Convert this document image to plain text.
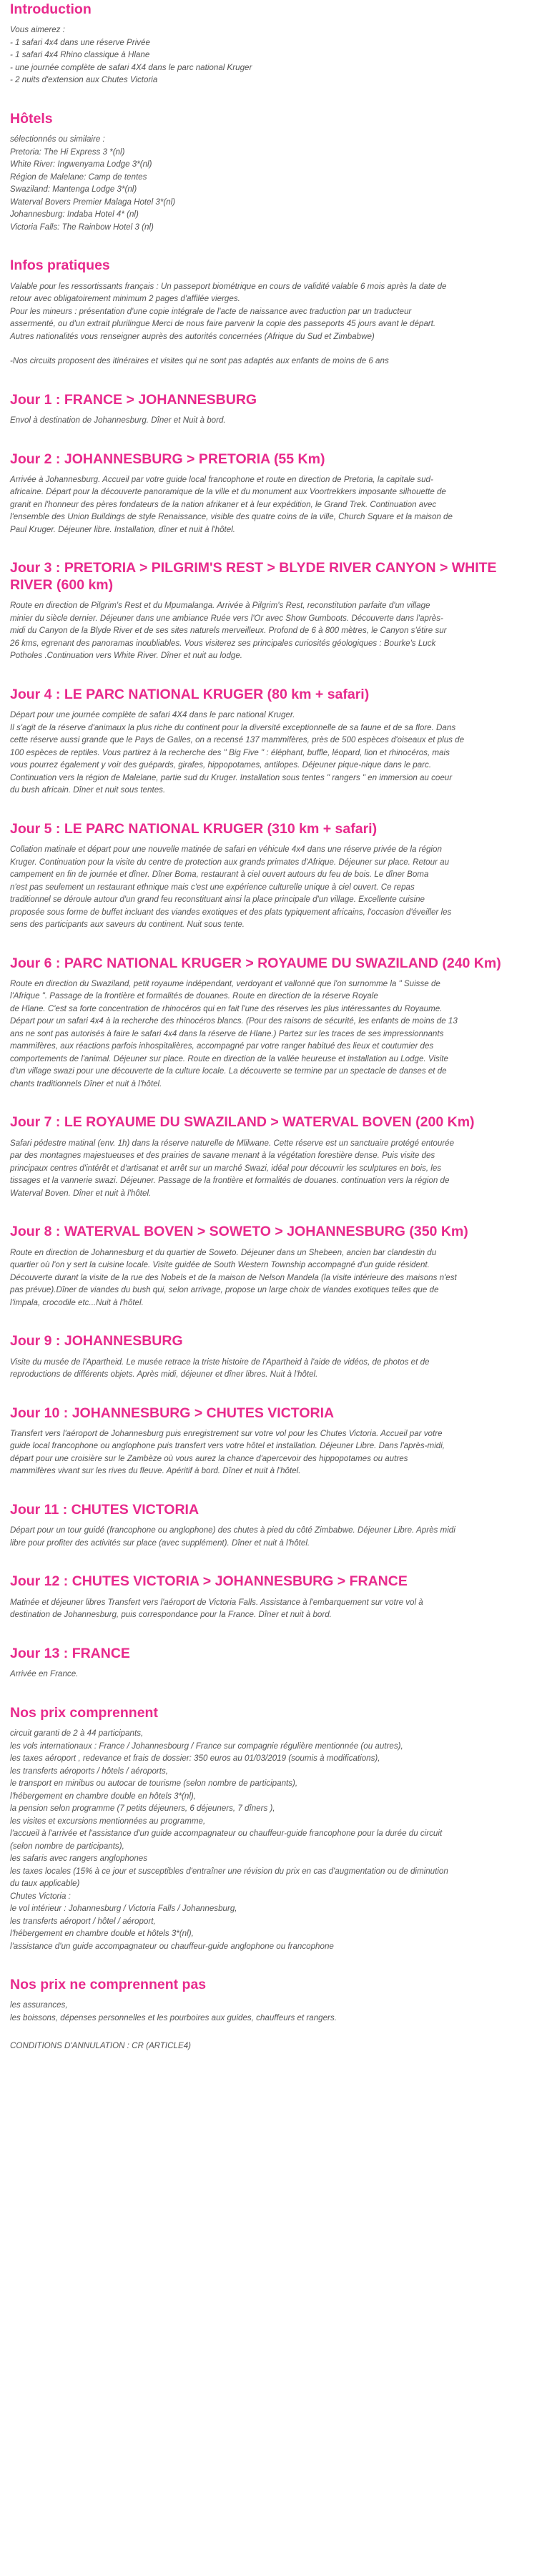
Introduction
Vous aimerez :
- 1 safari 4x4 dans une réserve Privée
- 1 safari 4x4 Rhino classique à Hlane
- une journée complète de safari 4X4 dans le parc national Kruger
- 2 nuits d'extension aux Chutes Victoria
Hôtels
sélectionnés ou similaire :
Pretoria: The Hi Express 3 *(nl)
White River: Ingwenyama Lodge 3*(nl)
Région de Malelane: Camp de tentes
Swaziland: Mantenga Lodge 3*(nl)
Waterval Bovers Premier Malaga Hotel 3*(nl)
Johannesburg: Indaba Hotel 4* (nl)
Victoria Falls: The Rainbow Hotel 3 (nl)
Infos pratiques
Valable pour les ressortissants français : Un passeport biométrique en cours de validité valable 6 mois après la date de
retour avec obligatoirement minimum 2 pages d'affilée vierges.
Pour les mineurs : présentation d'une copie intégrale de l'acte de naissance avec traduction par un traducteur
assermenté, ou d'un extrait plurilingue Merci de nous faire parvenir la copie des passeports 45 jours avant le départ.
Autres nationalités vous renseigner auprès des autorités concernées (Afrique du Sud et Zimbabwe)
-Nos circuits proposent des itinéraires et visites qui ne sont pas adaptés aux enfants de moins de 6 ans
Jour 1 : FRANCE > JOHANNESBURG
Envol à destination de Johannesburg. Dîner et Nuit à bord.
Jour 2 : JOHANNESBURG > PRETORIA (55 Km)
Arrivée à Johannesburg. Accueil par votre guide local francophone et route en direction de Pretoria, la capitale sud-
africaine. Départ pour la découverte panoramique de la ville et du monument aux Voortrekkers imposante silhouette de
granit en l'honneur des pères fondateurs de la nation afrikaner et à leur expédition, le Grand Trek. Continuation avec
l'ensemble des Union Buildings de style Renaissance, visible des quatre coins de la ville, Church Square et la maison de
Paul Kruger. Déjeuner libre. Installation, dîner et nuit à l'hôtel.
Jour 3 : PRETORIA > PILGRIM'S REST > BLYDE RIVER CANYON > WHITE RIVER (600 km)
Route en direction de Pilgrim's Rest et du Mpumalanga. Arrivée à Pilgrim's Rest, reconstitution parfaite d'un village
minier du siècle dernier. Déjeuner dans une ambiance Ruée vers l'Or avec Show Gumboots. Découverte dans l'après-
midi du Canyon de la Blyde River et de ses sites naturels merveilleux. Profond de 6 à 800 mètres, le Canyon s'étire sur
26 kms, egrenant des panoramas inoubliables. Vous visiterez ses principales curiosités géologiques : Bourke's Luck
Potholes .Continuation vers White River. Dîner et nuit au lodge.
Jour 4 : LE PARC NATIONAL KRUGER (80 km + safari)
Départ pour une journée complète de safari 4X4 dans le parc national Kruger.
Il s'agit de la réserve d'animaux la plus riche du continent pour la diversité exceptionnelle de sa faune et de sa flore. Dans
cette réserve aussi grande que le Pays de Galles, on a recensé 137 mammifères, près de 500 espèces d'oiseaux et plus de
100 espèces de reptiles. Vous partirez à la recherche des " Big Five " : éléphant, buffle, léopard, lion et rhinocéros, mais
vous pourrez également y voir des guépards, girafes, hippopotames, antilopes. Déjeuner pique-nique dans le parc.
Continuation vers la région de Malelane, partie sud du Kruger. Installation sous tentes " rangers " en immersion au coeur
du bush africain. Dîner et nuit sous tentes.
Jour 5 : LE PARC NATIONAL KRUGER (310 km + safari)
Collation matinale et départ pour une nouvelle matinée de safari en véhicule 4x4 dans une réserve privée de la région
Kruger. Continuation pour la visite du centre de protection aux grands primates d'Afrique. Déjeuner sur place. Retour au
campement en fin de journée et dîner. Dîner Boma, restaurant à ciel ouvert autours du feu de bois. Le dîner Boma
n'est pas seulement un restaurant ethnique mais c'est une expérience culturelle unique à ciel ouvert. Ce repas
traditionnel se déroule autour d'un grand feu reconstituant ainsi la place principale d'un village. Excellente cuisine
proposée sous forme de buffet incluant des viandes exotiques et des plats typiquement africains, l'occasion d'éveiller les
sens des participants aux saveurs du continent. Nuit sous tente.
Jour 6 : PARC NATIONAL KRUGER > ROYAUME DU SWAZILAND (240 Km)
Route en direction du Swaziland, petit royaume indépendant, verdoyant et vallonné que l'on surnomme la " Suisse de
l'Afrique ". Passage de la frontière et formalités de douanes. Route en direction de la réserve Royale
de Hlane. C'est sa forte concentration de rhinocéros qui en fait l'une des réserves les plus intéressantes du Royaume.
Départ pour un safari 4x4 à la recherche des rhinocéros blancs. (Pour des raisons de sécurité, les enfants de moins de 13
ans ne sont pas autorisés à faire le safari 4x4 dans la réserve de Hlane.) Partez sur les traces de ses impressionnants
mammifères, aux réactions parfois inhospitalières, accompagné par votre ranger habitué des lieux et coutumier des
comportements de l'animal. Déjeuner sur place. Route en direction de la vallée heureuse et installation au Lodge. Visite
d'un village swazi pour une découverte de la culture locale. La découverte se termine par un spectacle de danses et de
chants traditionnels Dîner et nuit à l'hôtel.
Jour 7 : LE ROYAUME DU SWAZILAND > WATERVAL BOVEN (200 Km)
Safari pédestre matinal (env. 1h) dans la réserve naturelle de Mlilwane. Cette réserve est un sanctuaire protégé entourée
par des montagnes majestueuses et des prairies de savane menant à la végétation forestière dense. Puis visite des
principaux centres d'intérêt et d'artisanat et arrêt sur un marché Swazi, idéal pour découvrir les sculptures en bois, les
tissages et la vannerie swazi. Déjeuner. Passage de la frontière et formalités de douanes. continuation vers la région de
Waterval Boven. Dîner et nuit à l'hôtel.
Jour 8 : WATERVAL BOVEN > SOWETO > JOHANNESBURG (350 Km)
Route en direction de Johannesburg et du quartier de Soweto. Déjeuner dans un Shebeen, ancien bar clandestin du
quartier où l'on y sert la cuisine locale. Visite guidée de South Western Township accompagné d'un guide résident.
Découverte durant la visite de la rue des Nobels et de la maison de Nelson Mandela (la visite intérieure des maisons n'est
pas prévue).Dîner de viandes du bush qui, selon arrivage, propose un large choix de viandes exotiques telles que de
l'impala, crocodile etc...Nuit à l'hôtel.
Jour 9 : JOHANNESBURG
Visite du musée de l'Apartheid. Le musée retrace la triste histoire de l'Apartheid à l'aide de vidéos, de photos et de
reproductions de différents objets. Après midi, déjeuner et dîner libres. Nuit à l'hôtel.
Jour 10 : JOHANNESBURG > CHUTES VICTORIA
Transfert vers l'aéroport de Johannesburg puis enregistrement sur votre vol pour les Chutes Victoria. Accueil par votre
guide local francophone ou anglophone puis transfert vers votre hôtel et installation. Déjeuner Libre. Dans l'après-midi,
départ pour une croisière sur le Zambèze où vous aurez la chance d'apercevoir des hippopotames ou autres
mammifères vivant sur les rives du fleuve. Apéritif à bord. Dîner et nuit à l'hôtel.
Jour 11 : CHUTES VICTORIA
Départ pour un tour guidé (francophone ou anglophone) des chutes à pied du côté Zimbabwe. Déjeuner Libre. Après midi
libre pour profiter des activités sur place (avec supplément). Dîner et nuit à l'hôtel.
Jour 12 : CHUTES VICTORIA > JOHANNESBURG > FRANCE
Matinée et déjeuner libres Transfert vers l'aéroport de Victoria Falls. Assistance à l'embarquement sur votre vol à
destination de Johannesburg, puis correspondance pour la France. Dîner et nuit à bord.
Jour 13 : FRANCE
Arrivée en France.
Nos prix comprennent
circuit garanti de 2 à 44 participants,
les vols internationaux : France / Johannesbourg / France sur compagnie régulière mentionnée (ou autres),
les taxes aéroport , redevance et frais de dossier: 350 euros au 01/03/2019 (soumis à modifications),
les transferts aéroports / hôtels / aéroports,
le transport en minibus ou autocar de tourisme (selon nombre de participants),
l'hébergement en chambre double en hôtels 3*(nl),
la pension selon programme (7 petits déjeuners, 6 déjeuners, 7 dîners ),
les visites et excursions mentionnées au programme,
l'accueil à l'arrivée et l'assistance d'un guide accompagnateur ou chauffeur-guide francophone pour la durée du circuit
(selon nombre de participants),
les safaris avec rangers anglophones
les taxes locales (15% à ce jour et susceptibles d'entraîner une révision du prix en cas d'augmentation ou de diminution
du taux applicable)
Chutes Victoria :
le vol intérieur : Johannesburg / Victoria Falls / Johannesburg,
les transferts aéroport / hôtel / aéroport,
l'hébergement en chambre double et hôtels 3*(nl),
l'assistance d'un guide accompagnateur ou chauffeur-guide anglophone ou francophone
Nos prix ne comprennent pas
les assurances,
les boissons, dépenses personnelles et les pourboires aux guides, chauffeurs et rangers.
CONDITIONS D'ANNULATION : CR (ARTICLE4)
